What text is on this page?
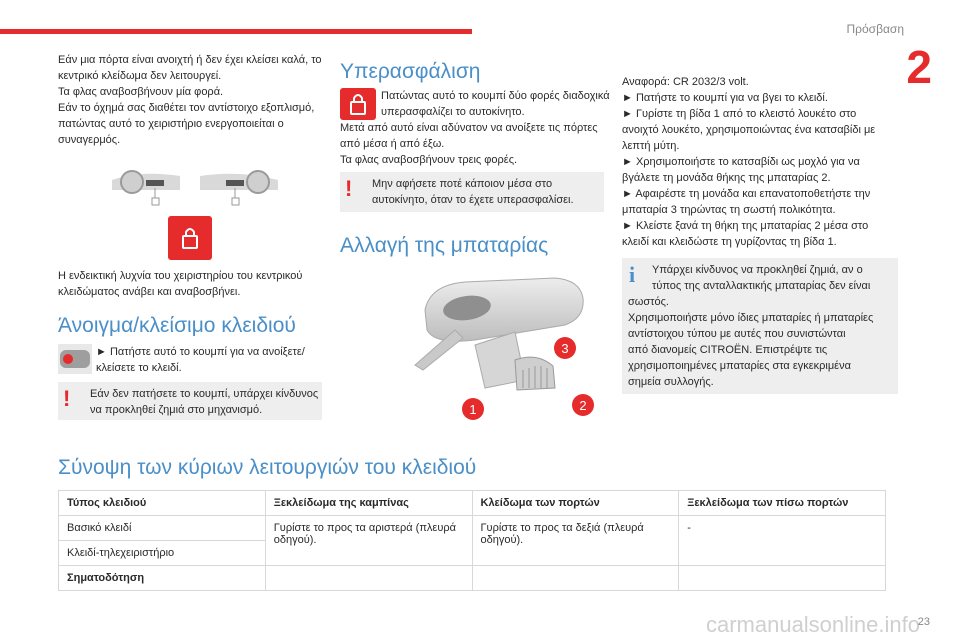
Πρόσβαση
2
Εάν μια πόρτα είναι ανοιχτή ή δεν έχει κλείσει καλά, το
κεντρικό κλείδωμα δεν λειτουργεί.
Τα φλας αναβοσβήνουν μία φορά.
Εάν το όχημά σας διαθέτει τον αντίστοιχο εξοπλισμό,
πατώντας αυτό το χειριστήριο ενεργοποιείται ο
συναγερμός.
Η ενδεικτική λυχνία του χειριστηρίου του κεντρικού
κλειδώματος ανάβει και αναβοσβήνει.
Άνοιγμα/κλείσιμο κλειδιού
► Πατήστε αυτό το κουμπί για να ανοίξετε/
κλείσετε το κλειδί.
! Εάν δεν πατήσετε το κουμπί, υπάρχει κίνδυνος
να προκληθεί ζημιά στο μηχανισμό.
Υπερασφάλιση
Πατώντας αυτό το κουμπί δύο φορές διαδοχικά
υπερασφαλίζει το αυτοκίνητο.
Μετά από αυτό είναι αδύνατον να ανοίξετε τις πόρτες
από μέσα ή από έξω.
Τα φλας αναβοσβήνουν τρεις φορές.
! Μην αφήσετε ποτέ κάποιον μέσα στο
αυτοκίνητο, όταν το έχετε υπερασφαλίσει.
Αλλαγή της μπαταρίας
3
1	2
Αναφορά: CR 2032/3 volt.
► Πατήστε το κουμπί για να βγει το κλειδί.
► Γυρίστε τη βίδα 1 από το κλειστό λουκέτο στο
ανοιχτό λουκέτο, χρησιμοποιώντας ένα κατσαβίδι με
λεπτή μύτη.
► Χρησιμοποιήστε το κατσαβίδι ως μοχλό για να
βγάλετε τη μονάδα θήκης της μπαταρίας 2.
► Αφαιρέστε τη μονάδα και επανατοποθετήστε την
μπαταρία 3 τηρώντας τη σωστή πολικότητα.
► Κλείστε ξανά τη θήκη της μπαταρίας 2 μέσα στο
κλειδί και κλειδώστε τη γυρίζοντας τη βίδα 1.
i Υπάρχει κίνδυνος να προκληθεί ζημιά, αν ο
τύπος της ανταλλακτικής μπαταρίας δεν είναι
σωστός.
Χρησιμοποιήστε μόνο ίδιες μπαταρίες ή μπαταρίες
αντίστοιχου τύπου με αυτές που συνιστώνται
από διανομείς CITROËN. Επιστρέψτε τις
χρησιμοποιημένες μπαταρίες στα εγκεκριμένα
σημεία συλλογής.
Σύνοψη των κύριων λειτουργιών του κλειδιού
Τύπος κλειδιού	Ξεκλείδωμα της καμπίνας	Κλείδωμα των πορτών	Ξεκλείδωμα των πίσω πορτών
Βασικό κλειδί	Γυρίστε το προς τα αριστερά (πλευρά οδηγού).	Γυρίστε το προς τα δεξιά (πλευρά οδηγού).	-
Κλειδί-τηλεχειριστήριο			
Σηματοδότηση			
carmanualsonline.info
23
